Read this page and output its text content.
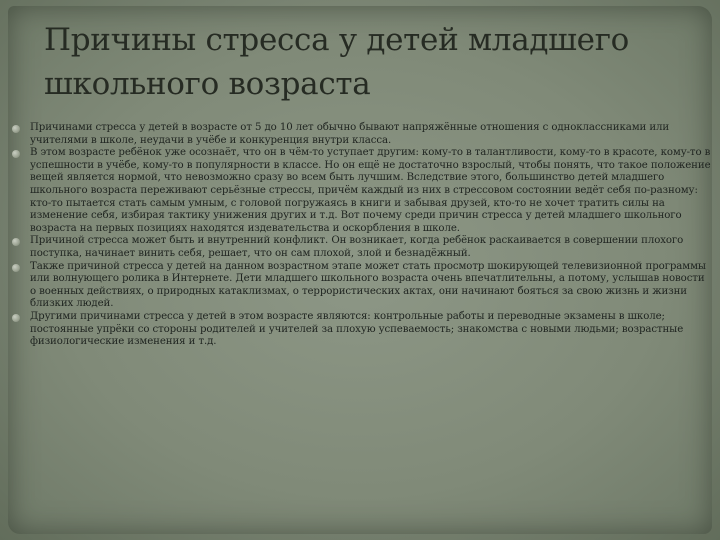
Причины стресса у детей младшего школьного возраста
Причинами стресса у детей в возрасте от 5 до 10 лет обычно бывают напряжённые отношения с одноклассниками или учителями в школе, неудачи в учёбе и конкуренция внутри класса.
В этом возрасте ребёнок уже осознаёт, что он в чём-то уступает другим: кому-то в талантливости, кому-то в красоте, кому-то в успешности в учёбе, кому-то в популярности в классе. Но он ещё не достаточно взрослый, чтобы понять, что такое положение вещей является нормой, что невозможно сразу во всем быть лучшим. Вследствие этого, большинство детей младшего школьного возраста переживают серьёзные стрессы, причём каждый из них в стрессовом состоянии ведёт себя по-разному: кто-то пытается стать самым умным, с головой погружаясь в книги и забывая друзей, кто-то не хочет тратить силы на изменение себя, избирая тактику унижения других и т.д. Вот почему среди причин стресса у детей младшего школьного возраста на первых позициях находятся издевательства и оскорбления в школе.
Причиной стресса может быть и внутренний конфликт. Он возникает, когда ребёнок раскаивается в совершении плохого поступка, начинает винить себя, решает, что он сам плохой, злой и безнадёжный.
Также причиной стресса у детей на данном возрастном этапе может стать просмотр шокирующей телевизионной программы или волнующего ролика в Интернете. Дети младшего школьного возраста очень впечатлительны, а потому, услышав новости о военных действиях, о природных катаклизмах, о террористических актах, они начинают бояться за свою жизнь и жизни близких людей.
Другими причинами стресса у детей в этом возрасте являются: контрольные работы и переводные экзамены в школе; постоянные упрёки со стороны родителей и учителей за плохую успеваемость; знакомства с новыми людьми; возрастные физиологические изменения и т.д.
